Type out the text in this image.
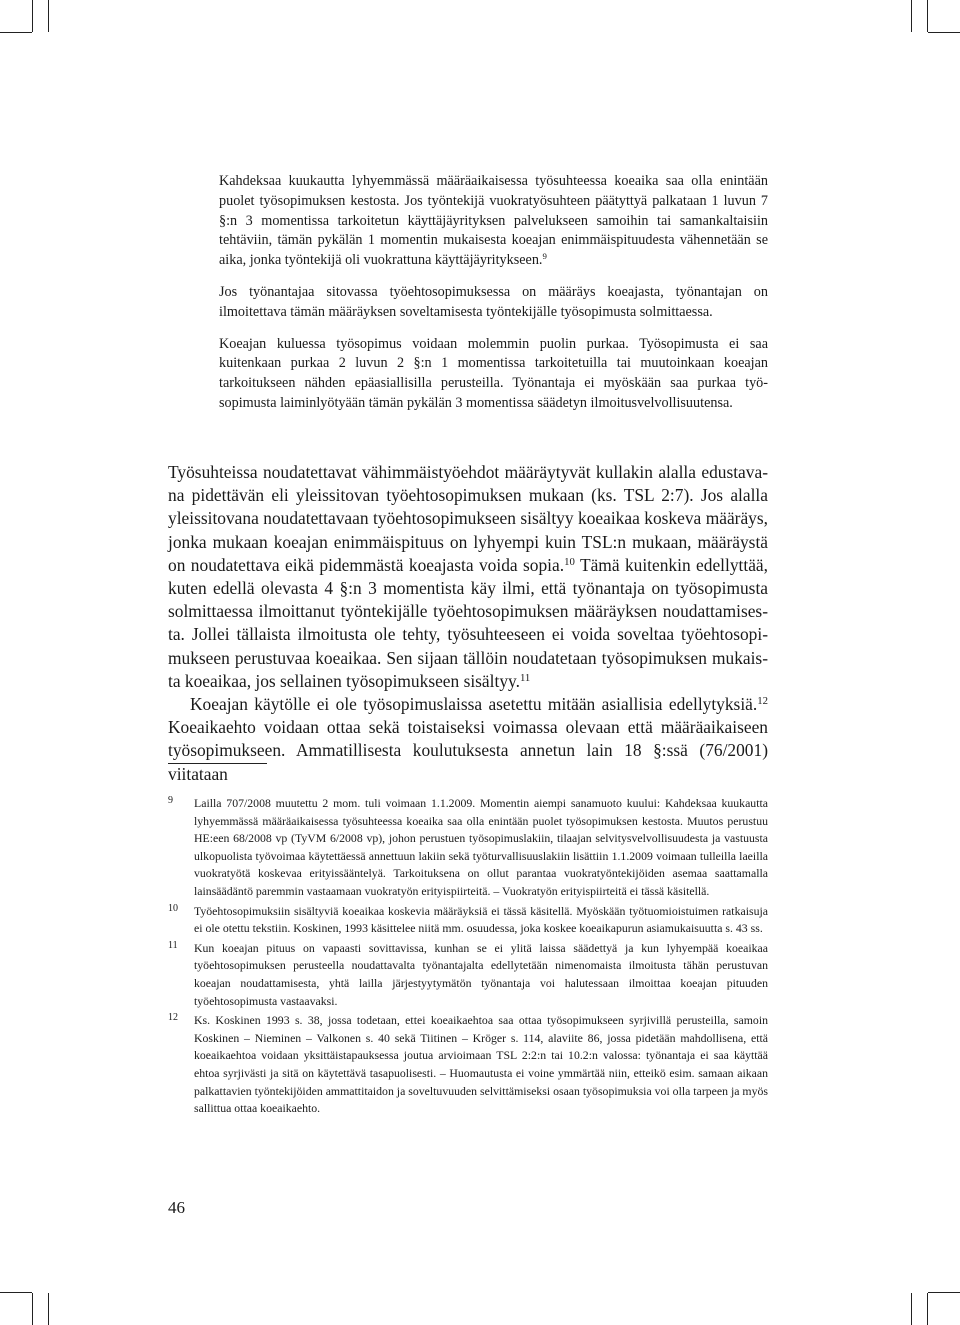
Kahdeksaa kuukautta lyhyemmässä määräaikaisessa työsuhteessa koeaika saa olla enintään puolet työsopimuksen kestosta. Jos työntekijä vuokratyösuhteen päätyttyä palkataan 1 luvun 7 §:n 3 momentissa tarkoitetun käyttäjäyrityksen palvelukseen samoihin tai samankaltaisiin tehtäviin, tämän pykälän 1 momentin mukaisesta koeajan enimmäispituudesta vähennetään se aika, jonka työntekijä oli vuokrattuna käyttäjäyritykseen.$^9$

Jos työnantajaa sitovassa työehtosopimuksessa on määräys koeajasta, työnantajan on ilmoitettava tämän määräyksen soveltamisesta työntekijälle työsopimusta solmittaessa.

Koeajan kuluessa työsopimus voidaan molemmin puolin purkaa. Työsopimusta ei saa kuitenkaan purkaa 2 luvun 2 §:n 1 momentissa tarkoitetuilla tai muutoinkaan koeajan tarkoitukseen nähden epäasiallisilla perusteilla. Työnantaja ei myöskään saa purkaa työsopimusta laiminlyötyään tämän pykälän 3 momentissa säädetyn ilmoitusvelvollisuutensa.

Työsuhteissa noudatettavat vähimmäistyöehdot määräytyvät kullakin alalla edustavana pidettävän eli yleissitovan työehtosopimuksen mukaan (ks. TSL 2:7). Jos alalla yleissitovana noudatettavaan työehtosopimukseen sisältyy koeaikaa koskeva määräys, jonka mukaan koeajan enimmäispituus on lyhyempi kuin TSL:n mukaan, määräystä on noudatettava eikä pidemmästä koeajasta voida sopia.$^{10}$ Tämä kuitenkin edellyttää, kuten edellä olevasta 4 §:n 3 momentista käy ilmi, että työnantaja on työsopimusta solmittaessa ilmoittanut työntekijälle työehtosopimuksen määräyksen noudattamisesta. Jollei tällaista ilmoitusta ole tehty, työsuhteeseen ei voida soveltaa työehtosopimukseen perustuvaa koeaikaa. Sen sijaan tällöin noudatetaan työsopimuksen mukaista koeaikaa, jos sellainen työsopimukseen sisältyy.$^{11}$

Koeajan käytölle ei ole työsopimuslaissa asetettu mitään asiallisia edellytyksiä.$^{12}$ Koeaikaehto voidaan ottaa sekä toistaiseksi voimassa olevaan että määräaikaiseen työsopimukseen. Ammatillisesta koulutuksesta annetun lain 18 §:ssä (76/2001) viitataan

9 Lailla 707/2008 muutettu 2 mom. tuli voimaan 1.1.2009. Momentin aiempi sanamuoto kuului: Kahdeksaa kuukautta lyhyemmässä määräaikaisessa työsuhteessa koeaika saa olla enintään puolet työsopimuksen kestosta. Muutos perustuu HE:een 68/2008 vp (TyVM 6/2008 vp), johon perustuen työsopimuslakiin, tilaajan selvitysvelvollisuudesta ja vastuusta ulkopuolista työvoimaa käytettäessä annettuun lakiin sekä työturvallisuuslakiin lisättiin 1.1.2009 voimaan tulleilla laeilla vuokratyötä koskevaa erityissääntelyä. Tarkoituksena on ollut parantaa vuokratyöntekijöiden asemaa saattamalla lainsäädäntö paremmin vastaamaan vuokratyön erityispiirteitä. – Vuokratyön erityispiirteitä ei tässä käsitellä.
10 Työehtosopimuksiin sisältyviä koeaikaa koskevia määräyksiä ei tässä käsitellä. Myöskään työtuomioistuimen ratkaisuja ei ole otettu tekstiin. Koskinen, 1993 käsittelee niitä mm. osuudessa, joka koskee koeaikapurun asiamukaisuutta s. 43 ss.
11 Kun koeajan pituus on vapaasti sovittavissa, kunhan se ei ylitä laissa säädettyä ja kun lyhyempää koeaikaa työehtosopimuksen perusteella noudattavalta työnantajalta edellytetään nimenomaista ilmoitusta tähän perustuvan koeajan noudattamisesta, yhtä lailla järjestyytymätön työnantaja voi halutessaan ilmoittaa koeajan pituuden työehtosopimusta vastaavaksi.
12 Ks. Koskinen 1993 s. 38, jossa todetaan, ettei koeaikaehtoa saa ottaa työsopimukseen syrjivillä perusteilla, samoin Koskinen – Nieminen – Valkonen s. 40 sekä Tiitinen – Kröger s. 114, alaviite 86, jossa pidetään mahdollisena, että koeaikaehtoa voidaan yksittäistapauksessa joutua arvioimaan TSL 2:2:n tai 10.2:n valossa: työnantaja ei saa käyttää ehtoa syrjivästi ja sitä on käytettävä tasapuolisesti. – Huomautusta ei voine ymmärtää niin, etteikö esim. samaan aikaan palkattavien työntekijöiden ammattitaidon ja soveltuvuuden selvittämiseksi osaan työsopimuksia voi olla tarpeen ja myös sallittua ottaa koeaikaehto.
46
